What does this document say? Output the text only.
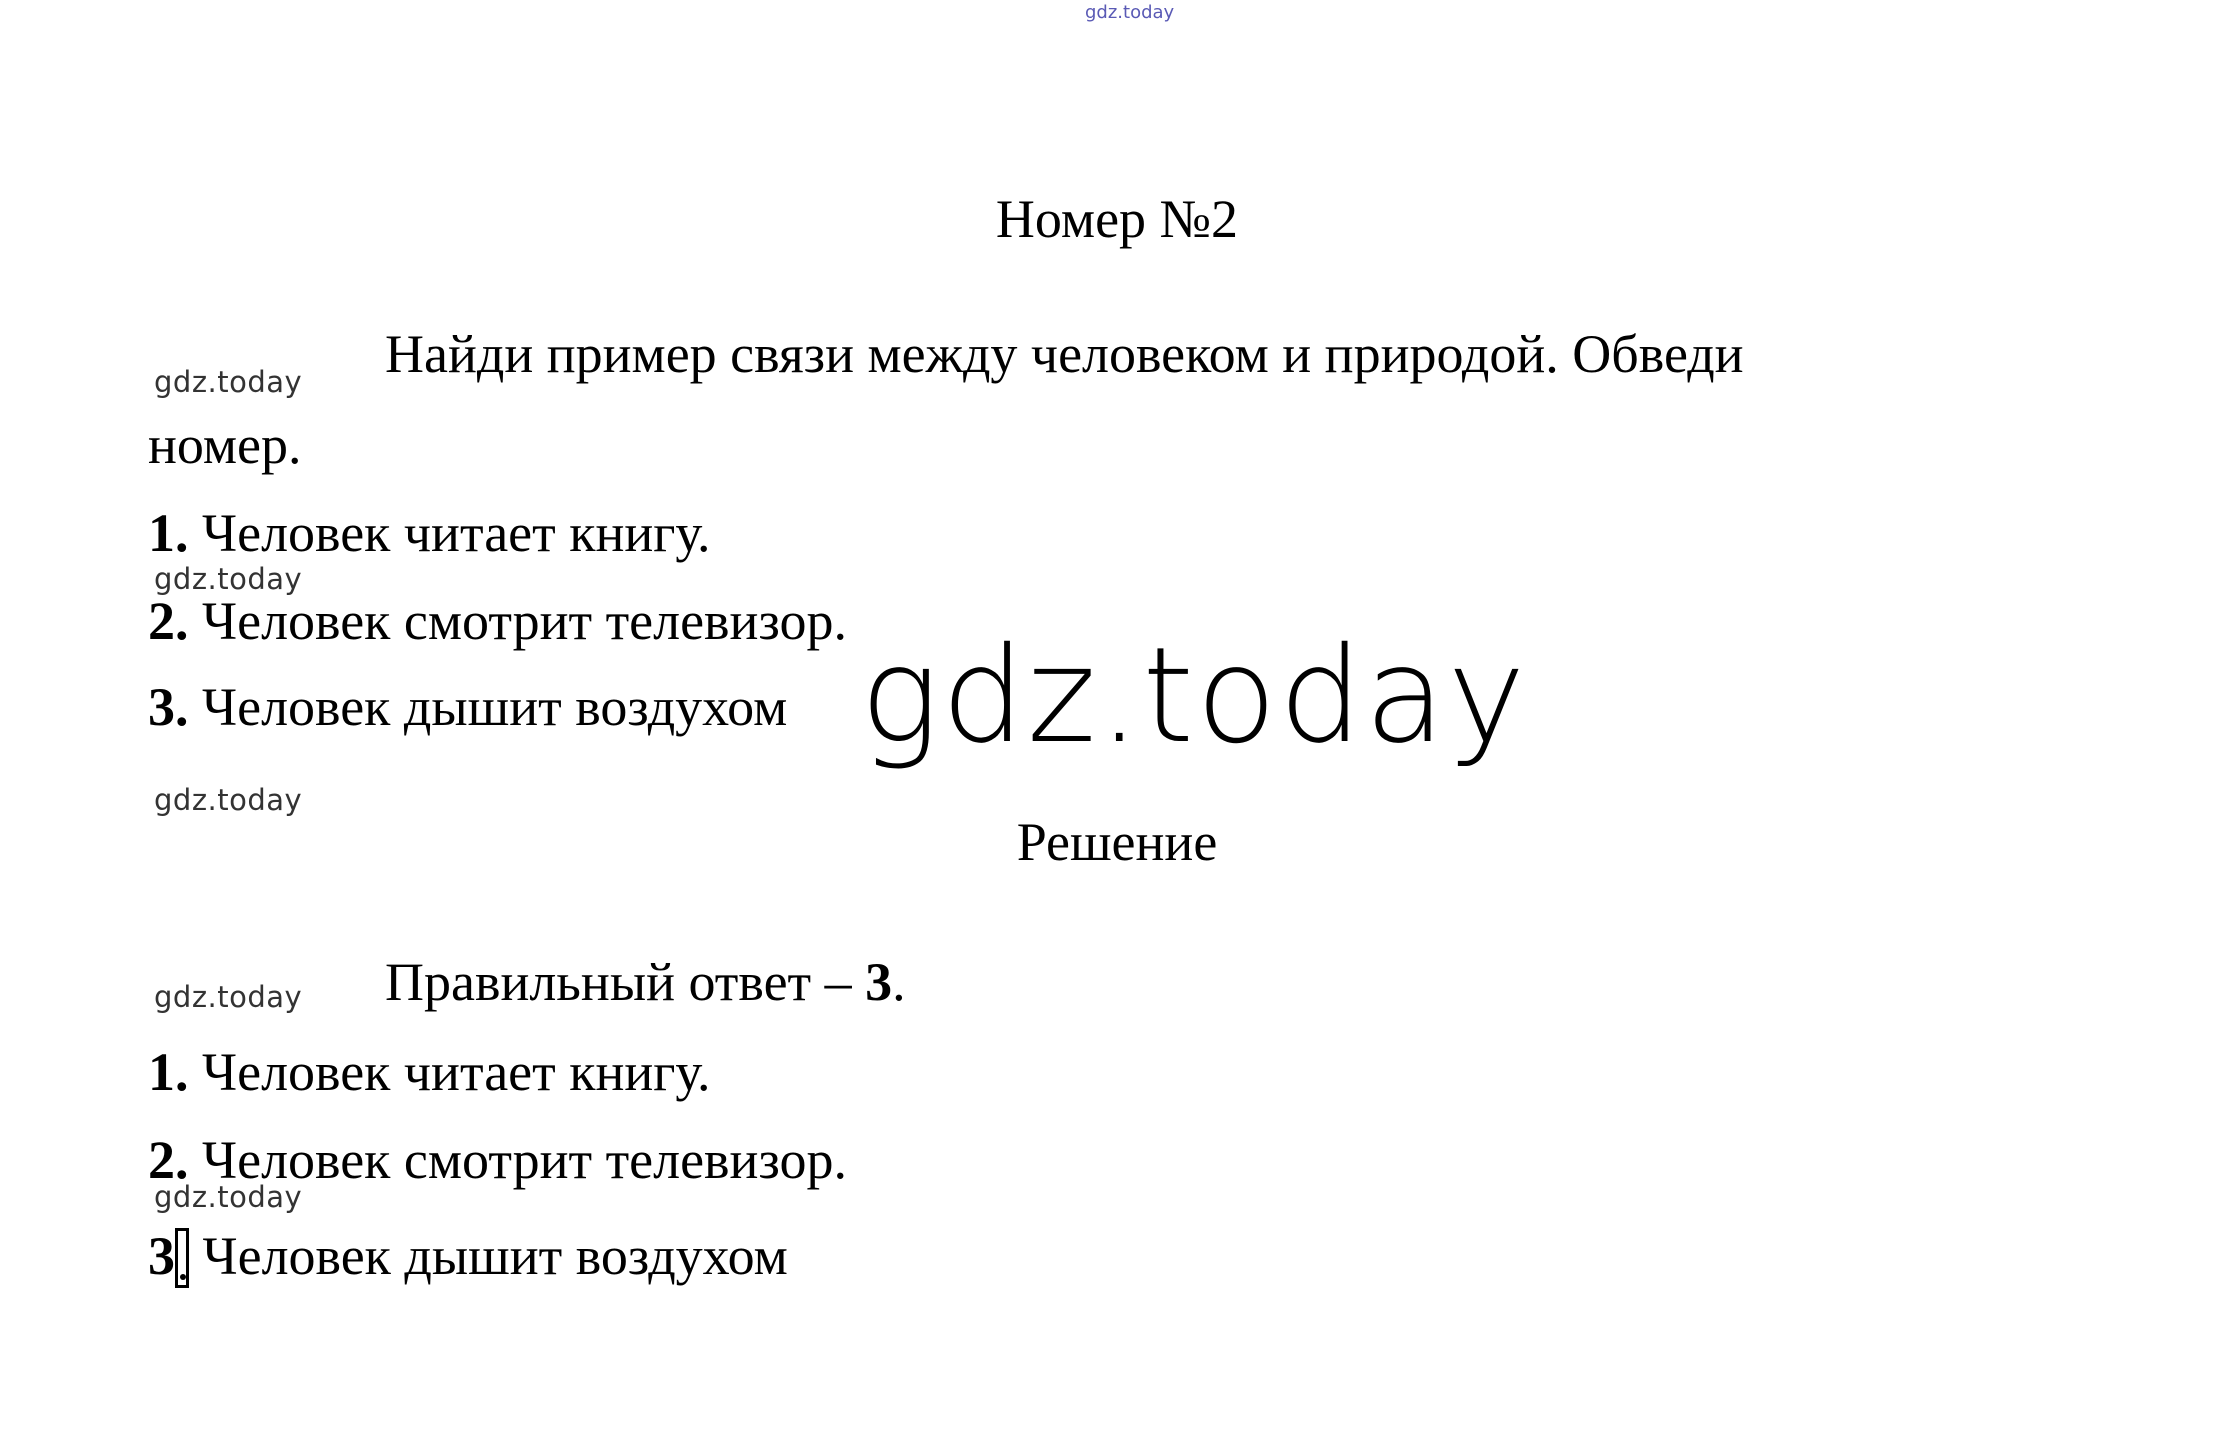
gdz.today
Номер №2
gdz.today Найди пример связи между человеком и природой. Обведи
номер.
1. Человек читает книгу.
gdz.today
2. Человек смотрит телевизор.
3. Человек дышит воздухом gdz.today
gdz.today
Решение
gdz.today Правильный ответ – 3.
1. Человек читает книгу.
2. Человек смотрит телевизор.
gdz.today
3 Человек дышит воздухом
